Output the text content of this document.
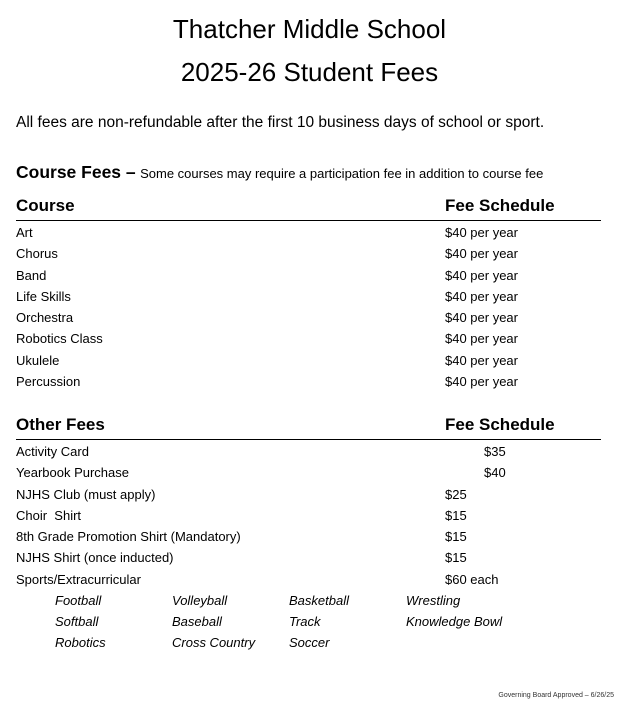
Thatcher Middle School
2025-26 Student Fees
All fees are non-refundable after the first 10 business days of school or sport.
Course Fees – Some courses may require a participation fee in addition to course fee
Course	Fee Schedule
Art	$40 per year
Chorus	$40 per year
Band	$40 per year
Life Skills	$40 per year
Orchestra	$40 per year
Robotics Class	$40 per year
Ukulele	$40 per year
Percussion	$40 per year
Other Fees	Fee Schedule
Activity Card	$35
Yearbook Purchase	$40
NJHS Club (must apply)	$25
Choir  Shirt	$15
8th Grade Promotion Shirt (Mandatory)	$15
NJHS Shirt (once inducted)	$15
Sports/Extracurricular	$60 each
Football	Volleyball	Basketball	Wrestling
Softball	Baseball	Track	Knowledge Bowl
Robotics	Cross Country	Soccer
Governing Board Approved – 6/26/25
